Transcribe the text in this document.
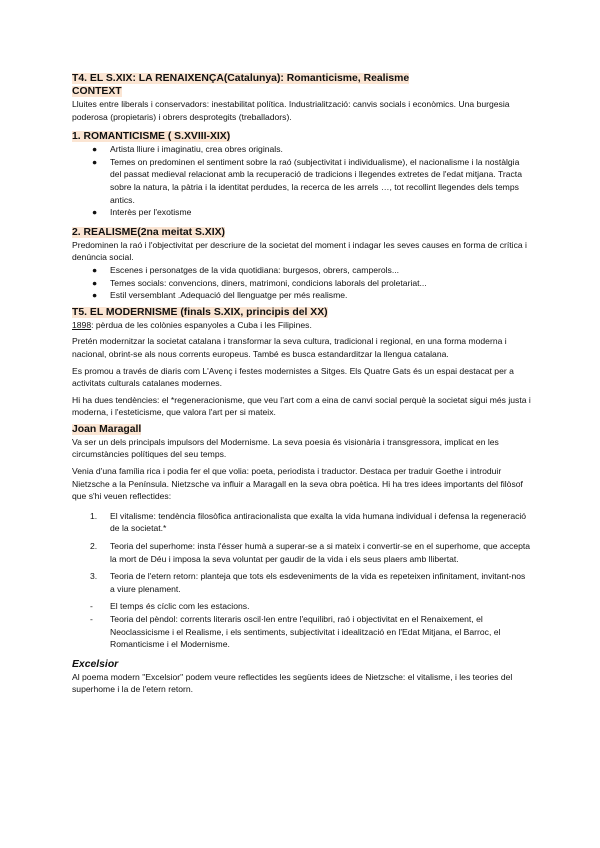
T4. EL S.XIX: LA RENAIXENÇA(Catalunya): Romanticisme, Realisme

CONTEXT

Lluites entre liberals i conservadors: inestabilitat política. Industrialització: canvis socials i econòmics. Una burgesia poderosa (propietaris) i obrers desprotegits (treballadors).

1. ROMANTICISME ( S.XVIII-XIX)

● Artista lliure i imaginatiu, crea obres originals.
● Temes on predominen el sentiment sobre la raó (subjectivitat i individualisme), el nacionalisme i la nostàlgia del passat medieval relacionat amb la recuperació de tradicions i llegendes extretes de l'edat mitjana. Tracta sobre la natura, la pàtria i la identitat perdudes, la recerca de les arrels …, tot recollint llegendes dels temps antics.
● Interès per l'exotisme

2. REALISME(2na meitat S.XIX)

Predominen la raó i l'objectivitat per descriure de la societat del moment i indagar les seves causes en forma de crítica i denúncia social.

● Escenes i personatges de la vida quotidiana: burgesos, obrers, camperols...
● Temes socials: convencions, diners, matrimoni, condicions laborals del proletariat...
● Estil versemblant .Adequació del llenguatge per més realisme.

T5. EL MODERNISME (finals S.XIX, principis del XX)

1898: pèrdua de les colònies espanyoles a Cuba i les Filipines.

Pretén modernitzar la societat catalana i transformar la seva cultura, tradicional i regional, en una forma moderna i nacional, obrint-se als nous corrents europeus. També es busca estandarditzar la llengua catalana.

Es promou a través de diaris com L'Avenç i festes modernistes a Sitges. Els Quatre Gats és un espai destacat per a activitats culturals catalanes modernes.

Hi ha dues tendències: el *regeneracionisme, que veu l'art com a eina de canvi social perquè la societat sigui més justa i moderna, i l'esteticisme, que valora l'art per si mateix.

Joan Maragall

Va ser un dels principals impulsors del Modernisme. La seva poesia és visionària i transgressora, implicat en les circumstàncies polítiques del seu temps.

Venia d'una família rica i podia fer el que volia: poeta, periodista i traductor. Destaca per traduir Goethe i introduir Nietzsche a la Península. Nietzsche va influir a Maragall en la seva obra poètica. Hi ha tres idees importants del filòsof que s'hi veuen reflectides:

1. El vitalisme: tendència filosòfica antiracionalista que exalta la vida humana individual i defensa la regeneració de la societat.*
2. Teoria del superhome: insta l'ésser humà a superar-se a si mateix i convertir-se en el superhome, que accepta la mort de Déu i imposa la seva voluntat per gaudir de la vida i els seus plaers amb llibertat.
3. Teoria de l'etern retorn: planteja que tots els esdeveniments de la vida es repeteixen infinitament, invitant-nos a viure plenament.
- El temps és cíclic com les estacions.
- Teoria del pèndol: corrents literaris oscil·len entre l'equilibri, raó i objectivitat en el Renaixement, el Neoclassicisme i el Realisme, i els sentiments, subjectivitat i idealització en l'Edat Mitjana, el Barroc, el Romanticisme i el Modernisme.

Excelsior

Al poema modern "Excelsior" podem veure reflectides les següents idees de Nietzsche: el vitalisme, i les teories del superhome i la de l'etern retorn.
